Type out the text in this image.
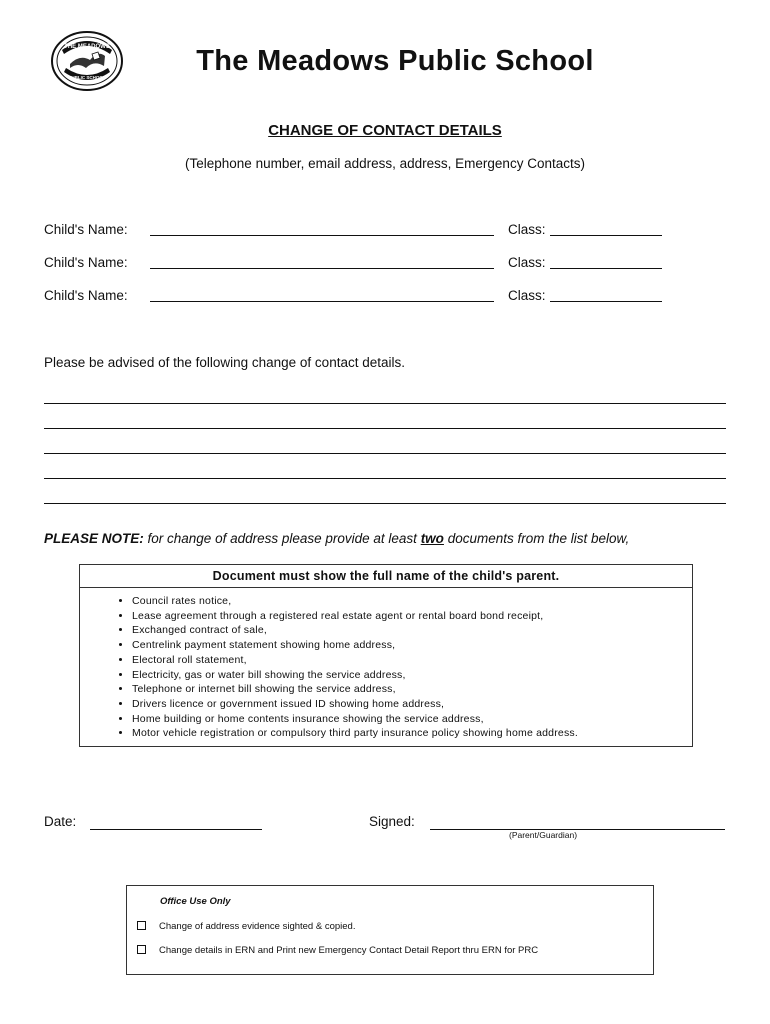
THE MEADOWS
PUBLIC SCHOOL
The Meadows Public School
CHANGE OF CONTACT DETAILS
(Telephone number, email address, address, Emergency Contacts)
Child's Name:	Class:
Child's Name:	Class:
Child's Name:	Class:
Please be advised of the following change of contact details.
PLEASE NOTE: for change of address please provide at least two documents from the list below,
Document must show the full name of the child's parent.
• Council rates notice,
• Lease agreement through a registered real estate agent or rental board bond receipt,
• Exchanged contract of sale,
• Centrelink payment statement showing home address,
• Electoral roll statement,
• Electricity, gas or water bill showing the service address,
• Telephone or internet bill showing the service address,
• Drivers licence or government issued ID showing home address,
• Home building or home contents insurance showing the service address,
• Motor vehicle registration or compulsory third party insurance policy showing home address.
Date:	Signed:
(Parent/Guardian)
Office Use Only
Change of address evidence sighted & copied.
Change details in ERN and Print new Emergency Contact Detail Report thru ERN for PRC
